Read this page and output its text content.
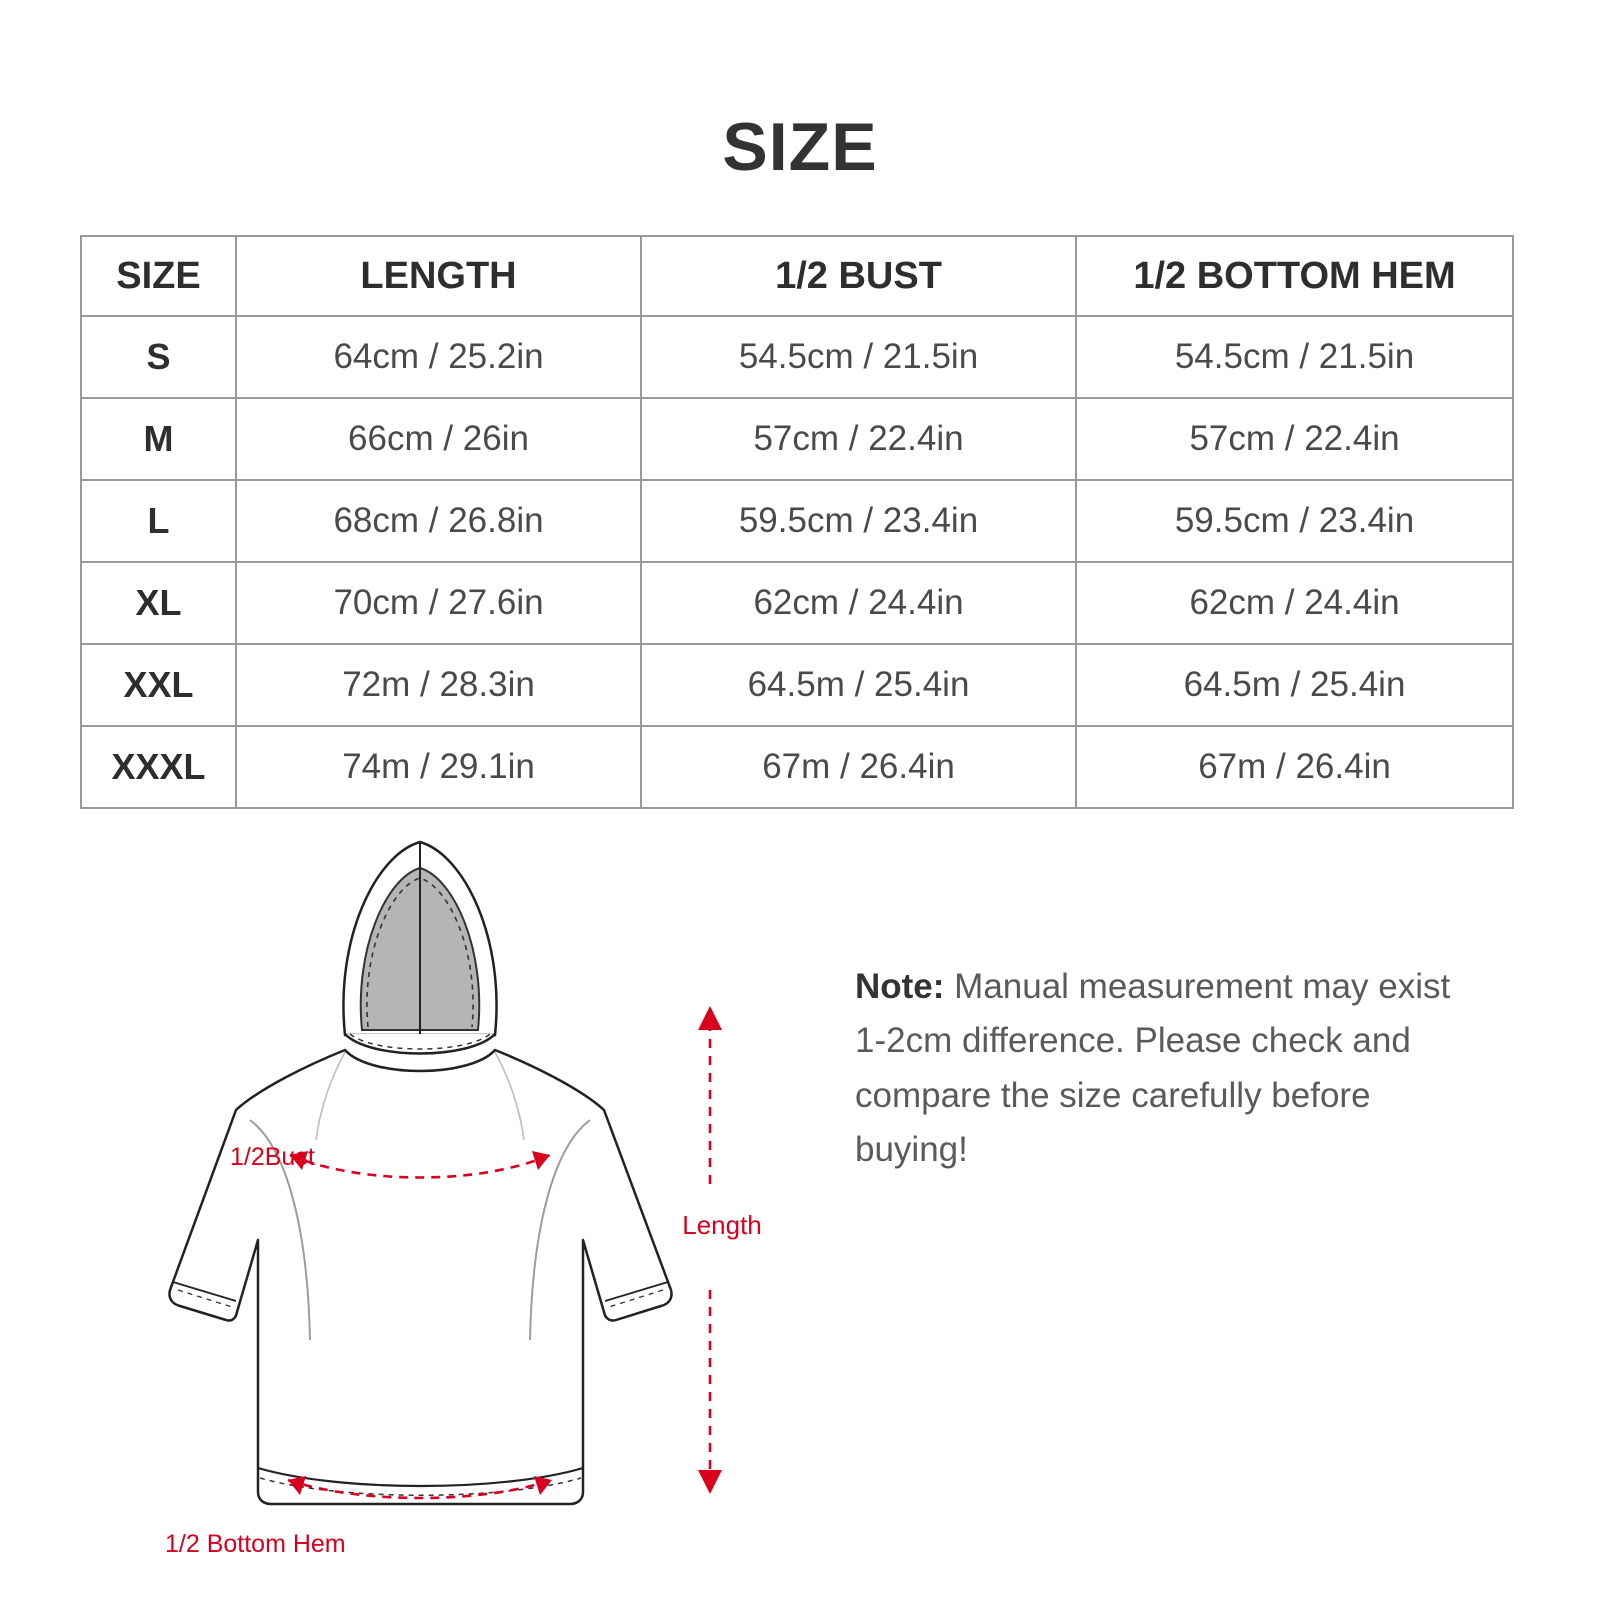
SIZE
SIZE	LENGTH	1/2 BUST	1/2 BOTTOM HEM
S	64cm / 25.2in	54.5cm / 21.5in	54.5cm / 21.5in
M	66cm / 26in	57cm / 22.4in	57cm / 22.4in
L	68cm / 26.8in	59.5cm / 23.4in	59.5cm / 23.4in
XL	70cm / 27.6in	62cm / 24.4in	62cm / 24.4in
XXL	72m / 28.3in	64.5m / 25.4in	64.5m / 25.4in
XXXL	74m / 29.1in	67m / 26.4in	67m / 26.4in
1/2Bust
1/2 Bottom Hem
Length
Note: Manual measurement may exist 1-2cm difference. Please check and compare the size carefully before buying!
